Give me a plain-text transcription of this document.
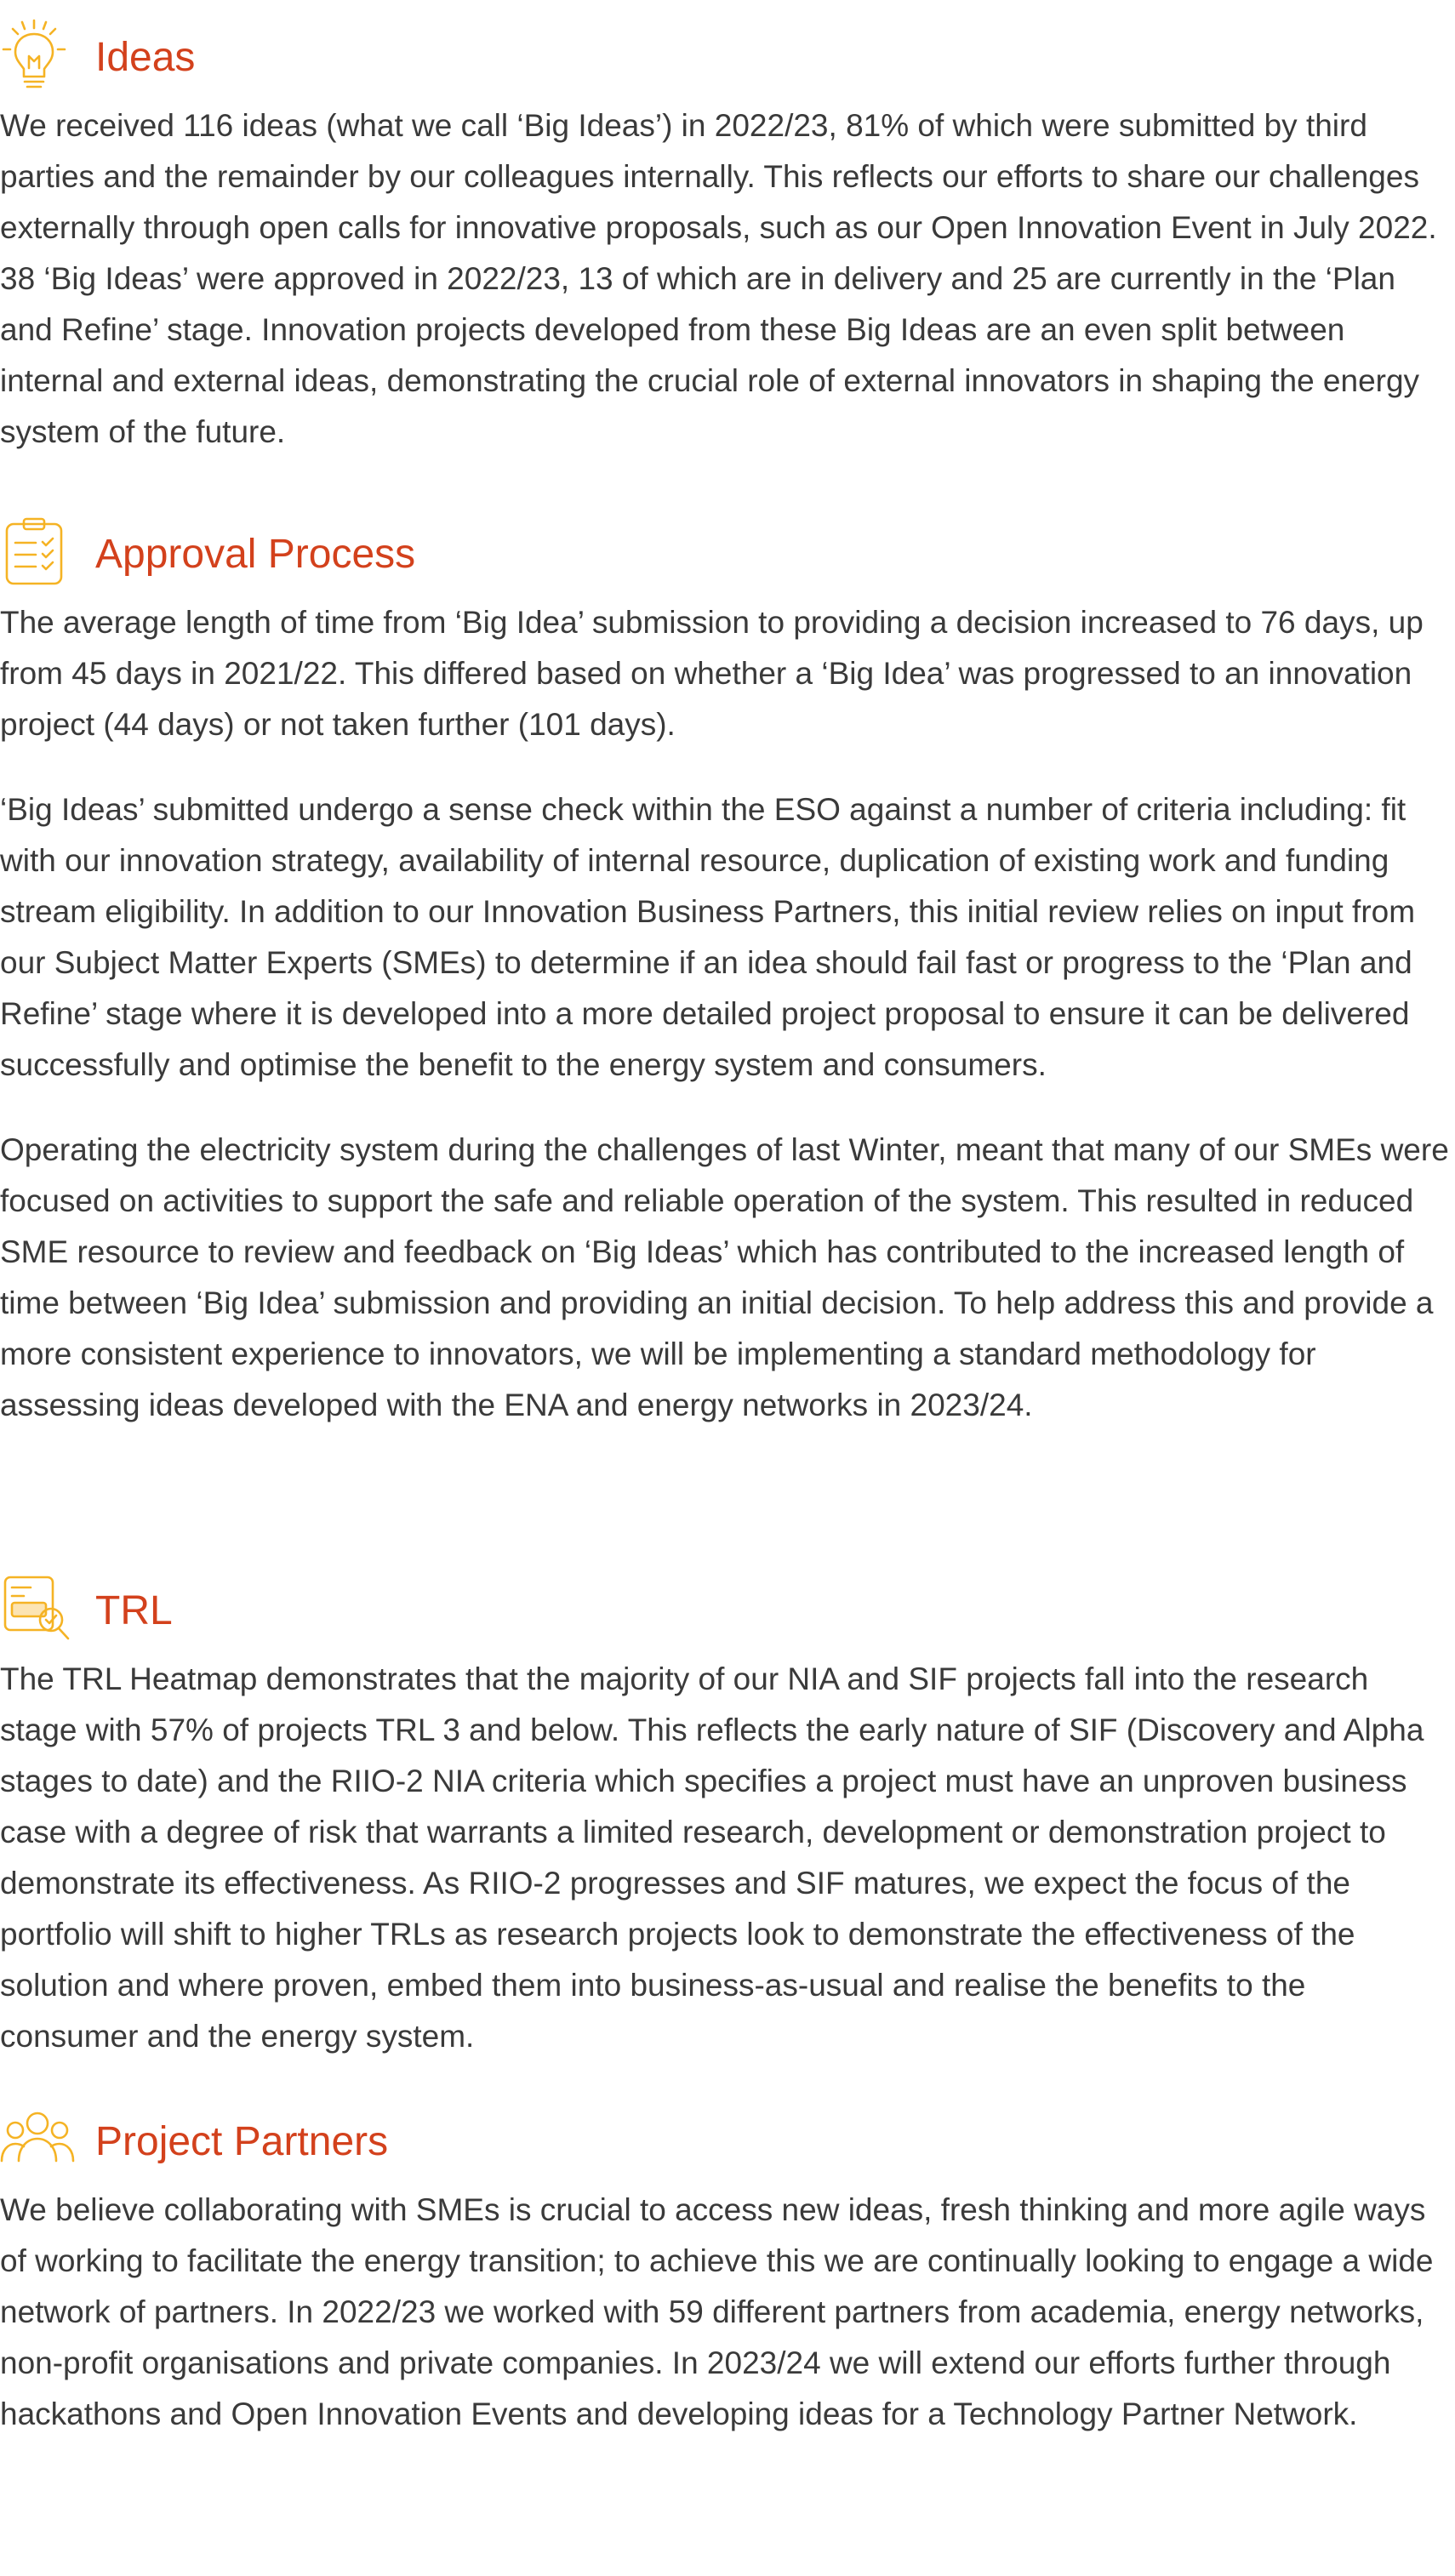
Ideas

We received 116 ideas (what we call ‘Big Ideas’) in 2022/23, 81% of which were submitted by third parties and the remainder by our colleagues internally. This reflects our efforts to share our challenges externally through open calls for innovative proposals, such as our Open Innovation Event in July 2022. 38 ‘Big Ideas’ were approved in 2022/23, 13 of which are in delivery and 25 are currently in the ‘Plan and Refine’ stage. Innovation projects developed from these Big Ideas are an even split between internal and external ideas, demonstrating the crucial role of external innovators in shaping the energy system of the future.

Approval Process

The average length of time from ‘Big Idea’ submission to providing a decision increased to 76 days, up from 45 days in 2021/22. This differed based on whether a ‘Big Idea’ was progressed to an innovation project (44 days) or not taken further (101 days).

‘Big Ideas’ submitted undergo a sense check within the ESO against a number of criteria including: fit with our innovation strategy, availability of internal resource, duplication of existing work and funding stream eligibility. In addition to our Innovation Business Partners, this initial review relies on input from our Subject Matter Experts (SMEs) to determine if an idea should fail fast or progress to the ‘Plan and Refine’ stage where it is developed into a more detailed project proposal to ensure it can be delivered successfully and optimise the benefit to the energy system and consumers.

Operating the electricity system during the challenges of last Winter, meant that many of our SMEs were focused on activities to support the safe and reliable operation of the system. This resulted in reduced SME resource to review and feedback on ‘Big Ideas’ which has contributed to the increased length of time between ‘Big Idea’ submission and providing an initial decision. To help address this and provide a more consistent experience to innovators, we will be implementing a standard methodology for assessing ideas developed with the ENA and energy networks in 2023/24.

TRL

The TRL Heatmap demonstrates that the majority of our NIA and SIF projects fall into the research stage with 57% of projects TRL 3 and below. This reflects the early nature of SIF (Discovery and Alpha stages to date) and the RIIO-2 NIA criteria which specifies a project must have an unproven business case with a degree of risk that warrants a limited research, development or demonstration project to demonstrate its effectiveness. As RIIO-2 progresses and SIF matures, we expect the focus of the portfolio will shift to higher TRLs as research projects look to demonstrate the effectiveness of the solution and where proven, embed them into business-as-usual and realise the benefits to the consumer and the energy system.

Project Partners

We believe collaborating with SMEs is crucial to access new ideas, fresh thinking and more agile ways of working to facilitate the energy transition; to achieve this we are continually looking to engage a wide network of partners. In 2022/23 we worked with 59 different partners from academia, energy networks, non-profit organisations and private companies. In 2023/24 we will extend our efforts further through hackathons and Open Innovation Events and developing ideas for a Technology Partner Network.
